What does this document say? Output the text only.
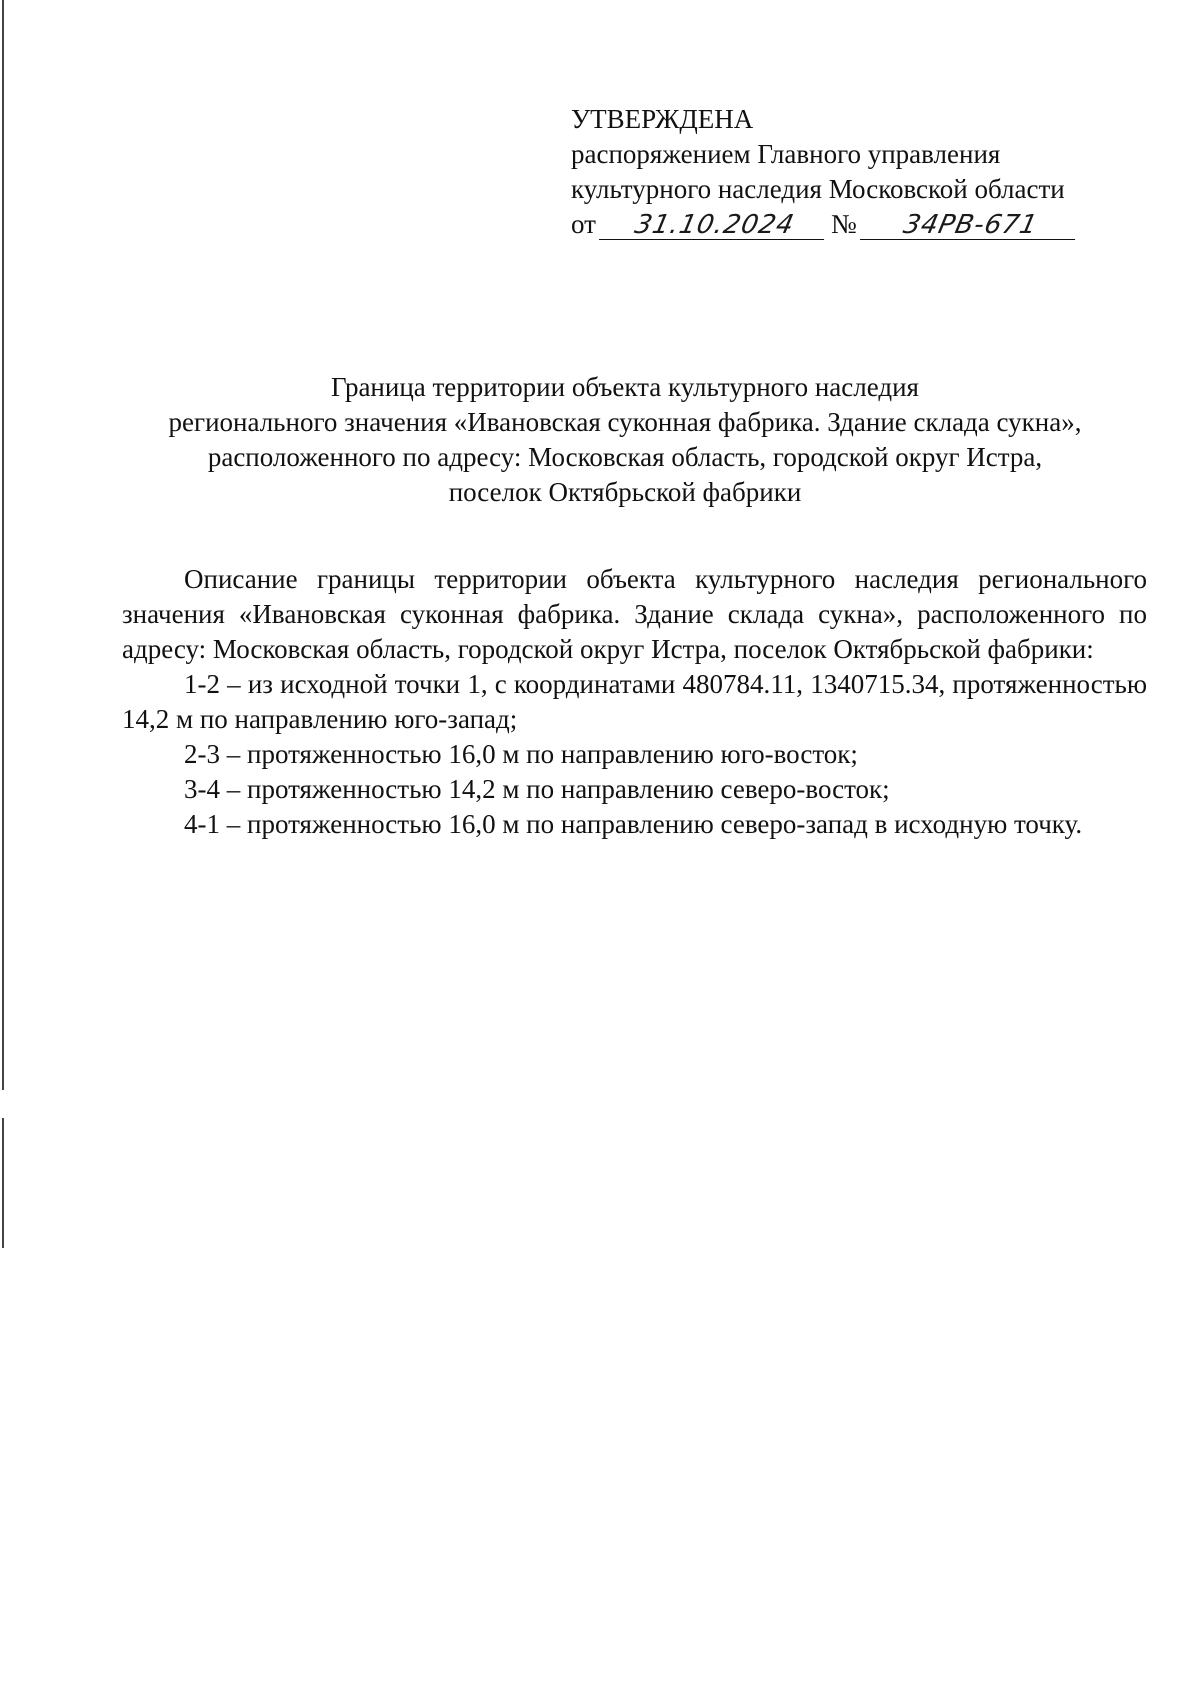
УТВЕРЖДЕНА
распоряжением Главного управления
культурного наследия Московской области
от 31.10.2024 № 34РВ-671
Граница территории объекта культурного наследия
регионального значения «Ивановская суконная фабрика. Здание склада сукна»,
расположенного по адресу: Московская область, городской округ Истра,
поселок Октябрьской фабрики

Описание границы территории объекта культурного наследия регионального значения «Ивановская суконная фабрика. Здание склада сукна», расположенного по адресу: Московская область, городской округ Истра, поселок Октябрьской фабрики:

1-2 – из исходной точки 1, с координатами 480784.11, 1340715.34, протяженностью 14,2 м по направлению юго-запад;

2-3 – протяженностью 16,0 м по направлению юго-восток;

3-4 – протяженностью 14,2 м по направлению северо-восток;

4-1 – протяженностью 16,0 м по направлению северо-запад в исходную точку.
